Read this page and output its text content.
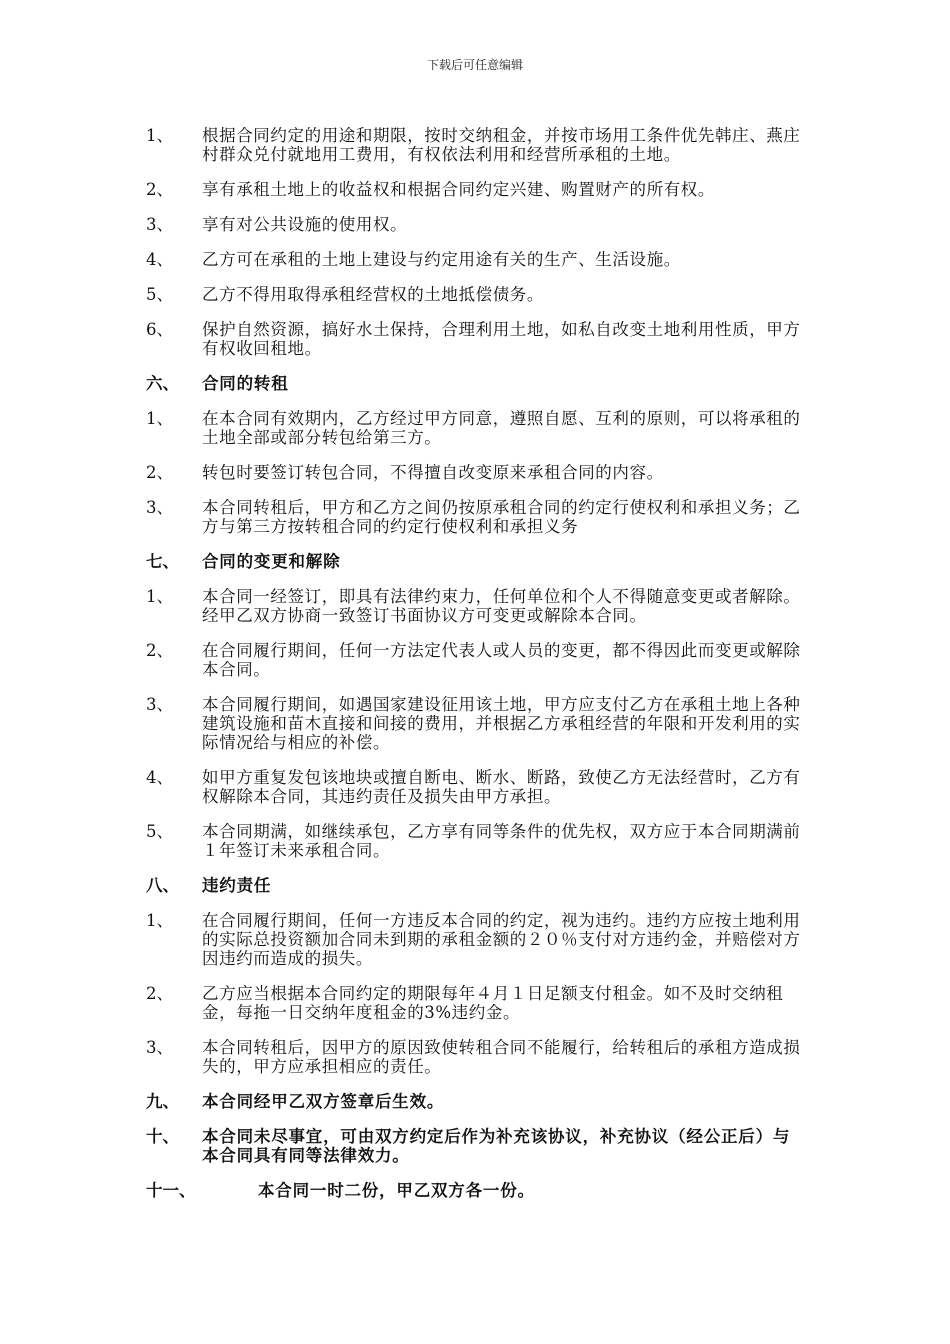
下载后可任意编辑
1、	根据合同约定的用途和期限，按时交纳租金，并按市场用工条件优先韩庄、燕庄村群众兑付就地用工费用，有权依法利用和经营所承租的土地。
2、	享有承租土地上的收益权和根据合同约定兴建、购置财产的所有权。
3、	享有对公共设施的使用权。
4、	乙方可在承租的土地上建设与约定用途有关的生产、生活设施。
5、	乙方不得用取得承租经营权的土地抵偿债务。
6、	保护自然资源，搞好水土保持，合理利用土地，如私自改变土地利用性质，甲方有权收回租地。
六、	合同的转租
1、	在本合同有效期内，乙方经过甲方同意，遵照自愿、互利的原则，可以将承租的土地全部或部分转包给第三方。
2、	转包时要签订转包合同，不得擅自改变原来承租合同的内容。
3、	本合同转租后，甲方和乙方之间仍按原承租合同的约定行使权利和承担义务；乙方与第三方按转租合同的约定行使权利和承担义务
七、	合同的变更和解除
1、	本合同一经签订，即具有法律约束力，任何单位和个人不得随意变更或者解除。经甲乙双方协商一致签订书面协议方可变更或解除本合同。
2、	在合同履行期间，任何一方法定代表人或人员的变更，都不得因此而变更或解除本合同。
3、	本合同履行期间，如遇国家建设征用该土地，甲方应支付乙方在承租土地上各种建筑设施和苗木直接和间接的费用，并根据乙方承租经营的年限和开发利用的实际情况给与相应的补偿。
4、	如甲方重复发包该地块或擅自断电、断水、断路，致使乙方无法经营时，乙方有权解除本合同，其违约责任及损失由甲方承担。
5、	本合同期满，如继续承包，乙方享有同等条件的优先权，双方应于本合同期满前１年签订未来承租合同。
八、	违约责任
1、	在合同履行期间，任何一方违反本合同的约定，视为违约。违约方应按土地利用的实际总投资额加合同未到期的承租金额的２０％支付对方违约金，并赔偿对方因违约而造成的损失。
2、	乙方应当根据本合同约定的期限每年４月１日足额支付租金。如不及时交纳租金，每拖一日交纳年度租金的3%违约金。
3、	本合同转租后，因甲方的原因致使转租合同不能履行，给转租后的承租方造成损失的，甲方应承担相应的责任。
九、	本合同经甲乙双方签章后生效。
十、	本合同未尽事宜，可由双方约定后作为补充该协议，补充协议（经公正后）与本合同具有同等法律效力。
十一、	本合同一时二份，甲乙双方各一份。
